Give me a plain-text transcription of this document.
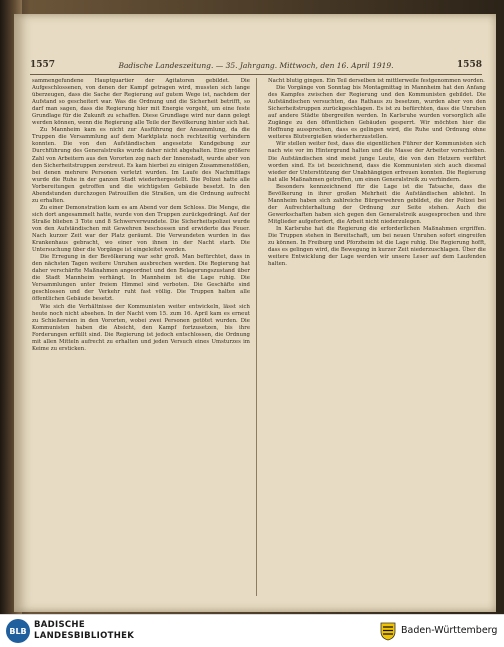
1557	Badische Landeszeitung. — 35. Jahrgang. Mittwoch, den 16. April 1919.	1558

sammengefundene Hauptquartier der Agitatoren gebildet. Die Aufgeschlossenen, von denen der Kampf getragen wird, mussten sich lange überzeugen, dass die Sache der Regierung auf gutem Wege ist, nachdem der Aufstand so gescheitert war. Was die Ordnung und die Sicherheit betrifft, so darf man sagen, dass die Regierung hier mit Energie vorgeht, um eine feste Grundlage für die Zukunft zu schaffen. Diese Grundlage wird nur dann gelegt werden können, wenn die Regierung alle Teile der Bevölkerung hinter sich hat.

Zu Mannheim kam es nicht zur Ausführung der Ansammlung, da die Truppen die Versammlung auf dem Marktplatz noch rechtzeitig verhindern konnten. Die von den Aufständischen angesetzte Kundgebung zur Durchführung des Generalstreiks wurde daher nicht abgehalten. Eine größere Zahl von Arbeitern aus den Vororten zog nach der Innenstadt, wurde aber von den Sicherheitstruppen zerstreut. Es kam hierbei zu einigen Zusammenstößen, bei denen mehrere Personen verletzt wurden. Im Laufe des Nachmittags wurde die Ruhe in der ganzen Stadt wiederhergestellt. Die Polizei hatte alle Vorbereitungen getroffen und die wichtigsten Gebäude besetzt. In den Abendstunden durchzogen Patrouillen die Straßen, um die Ordnung aufrecht zu erhalten.

Zu einer Demonstration kam es am Abend vor dem Schloss. Die Menge, die sich dort angesammelt hatte, wurde von den Truppen zurückgedrängt. Auf der Straße blieben 3 Tote und 8 Schwerverwundete. Die Sicherheitspolizei wurde von den Aufständischen mit Gewehren beschossen und erwiderte das Feuer. Nach kurzer Zeit war der Platz geräumt. Die Verwundeten wurden in das Krankenhaus gebracht, wo einer von ihnen in der Nacht starb. Die Untersuchung über die Vorgänge ist eingeleitet worden.

Die Erregung in der Bevölkerung war sehr groß. Man befürchtet, dass in den nächsten Tagen weitere Unruhen ausbrechen werden. Die Regierung hat daher verschärfte Maßnahmen angeordnet und den Belagerungszustand über die Stadt Mannheim verhängt. In Mannheim ist die Lage ruhig. Die Versammlungen unter freiem Himmel sind verboten. Die Geschäfte sind geschlossen und der Verkehr ruht fast völlig. Die Truppen halten alle öffentlichen Gebäude besetzt.

Wie sich die Verhältnisse der Kommunisten weiter entwickeln, lässt sich heute noch nicht absehen. In der Nacht vom 15. zum 16. April kam es erneut zu Schießereien in den Vororten, wobei zwei Personen getötet wurden. Die Kommunisten haben die Absicht, den Kampf fortzusetzen, bis ihre Forderungen erfüllt sind. Die Regierung ist jedoch entschlossen, die Ordnung mit allen Mitteln aufrecht zu erhalten und jeden Versuch eines Umsturzes im Keime zu ersticken.

Nacht blutig gingen. Ein Teil derselben ist mittlerweile festgenommen worden.

Die Vorgänge von Sonntag bis Montagmittag in Mannheim hat den Anfang des Kampfes zwischen der Regierung und den Kommunisten gebildet. Die Aufständischen versuchten, das Rathaus zu besetzen, wurden aber von den Sicherheitstruppen zurückgeschlagen. Es ist zu befürchten, dass die Unruhen auf andere Städte übergreifen werden. In Karlsruhe wurden vorsorglich alle Zugänge zu den öffentlichen Gebäuden gesperrt. Wir möchten hier die Hoffnung aussprechen, dass es gelingen wird, die Ruhe und Ordnung ohne weiteres Blutvergießen wiederherzustellen.

Wir stellen weiter fest, dass die eigentlichen Führer der Kommunisten sich nach wie vor im Hintergrund halten und die Masse der Arbeiter vorschieben. Die Aufständischen sind meist junge Leute, die von den Hetzern verführt worden sind. Es ist bezeichnend, dass die Kommunisten sich auch diesmal wieder der Unterstützung der Unabhängigen erfreuen konnten. Die Regierung hat alle Maßnahmen getroffen, um einen Generalstreik zu verhindern.

Besonders kennzeichnend für die Lage ist die Tatsache, dass die Bevölkerung in ihrer großen Mehrheit die Aufständischen ablehnt. In Mannheim haben sich zahlreiche Bürgerwehren gebildet, die der Polizei bei der Aufrechterhaltung der Ordnung zur Seite stehen. Auch die Gewerkschaften haben sich gegen den Generalstreik ausgesprochen und ihre Mitglieder aufgefordert, die Arbeit nicht niederzulegen.

In Karlsruhe hat die Regierung die erforderlichen Maßnahmen ergriffen. Die Truppen stehen in Bereitschaft, um bei neuen Unruhen sofort eingreifen zu können. In Freiburg und Pforzheim ist die Lage ruhig. Die Regierung hofft, dass es gelingen wird, die Bewegung in kurzer Zeit niederzuschlagen. Über die weitere Entwicklung der Lage werden wir unsere Leser auf dem Laufenden halten.

BLB
BADISCHE
LANDESBIBLIOTHEK	Baden-Württemberg
